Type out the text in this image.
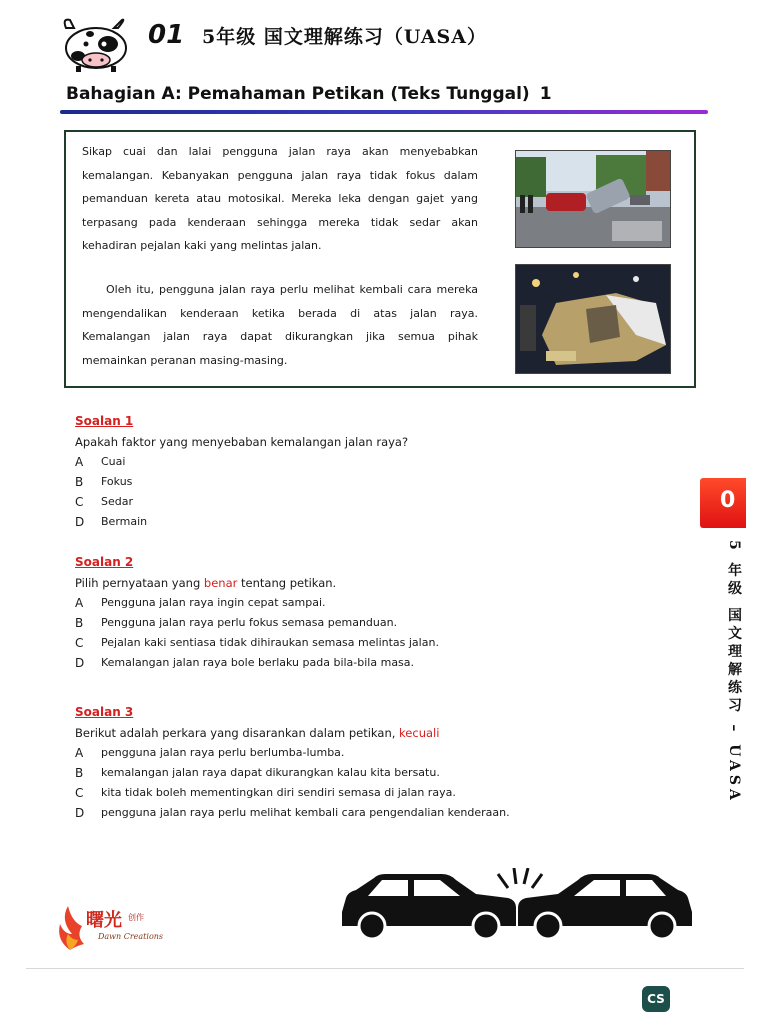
01 5年级 国文理解练习（UASA）
Bahagian A: Pemahaman Petikan (Teks Tunggal) 1
Sikap cuai dan lalai pengguna jalan raya akan menyebabkan kemalangan. Kebanyakan pengguna jalan raya tidak fokus dalam pemanduan kereta atau motosikal. Mereka leka dengan gajet yang terpasang pada kenderaan sehingga mereka tidak sedar akan kehadiran pejalan kaki yang melintas jalan.
Oleh itu, pengguna jalan raya perlu melihat kembali cara mereka mengendalikan kenderaan ketika berada di atas jalan raya. Kemalangan jalan raya dapat dikurangkan jika semua pihak memainkan peranan masing-masing.
Soalan 1
Apakah faktor yang menyebaban kemalangan jalan raya?
A	Cuai
B	Fokus
C	Sedar
D	Bermain
Soalan 2
Pilih pernyataan yang benar tentang petikan.
A	Pengguna jalan raya ingin cepat sampai.
B	Pengguna jalan raya perlu fokus semasa pemanduan.
C	Pejalan kaki sentiasa tidak dihiraukan semasa melintas jalan.
D	Kemalangan jalan raya bole berlaku pada bila-bila masa.
Soalan 3
Berikut adalah perkara yang disarankan dalam petikan, kecuali
A	pengguna jalan raya perlu berlumba-lumba.
B	kemalangan jalan raya dapat dikurangkan kalau kita bersatu.
C	kita tidak boleh mementingkan diri sendiri semasa di jalan raya.
D	pengguna jalan raya perlu melihat kembali cara pengendalian kenderaan.
0
5 年级 国文理解练习 – UASA
曙光 创作
Dawn Creations
CS
